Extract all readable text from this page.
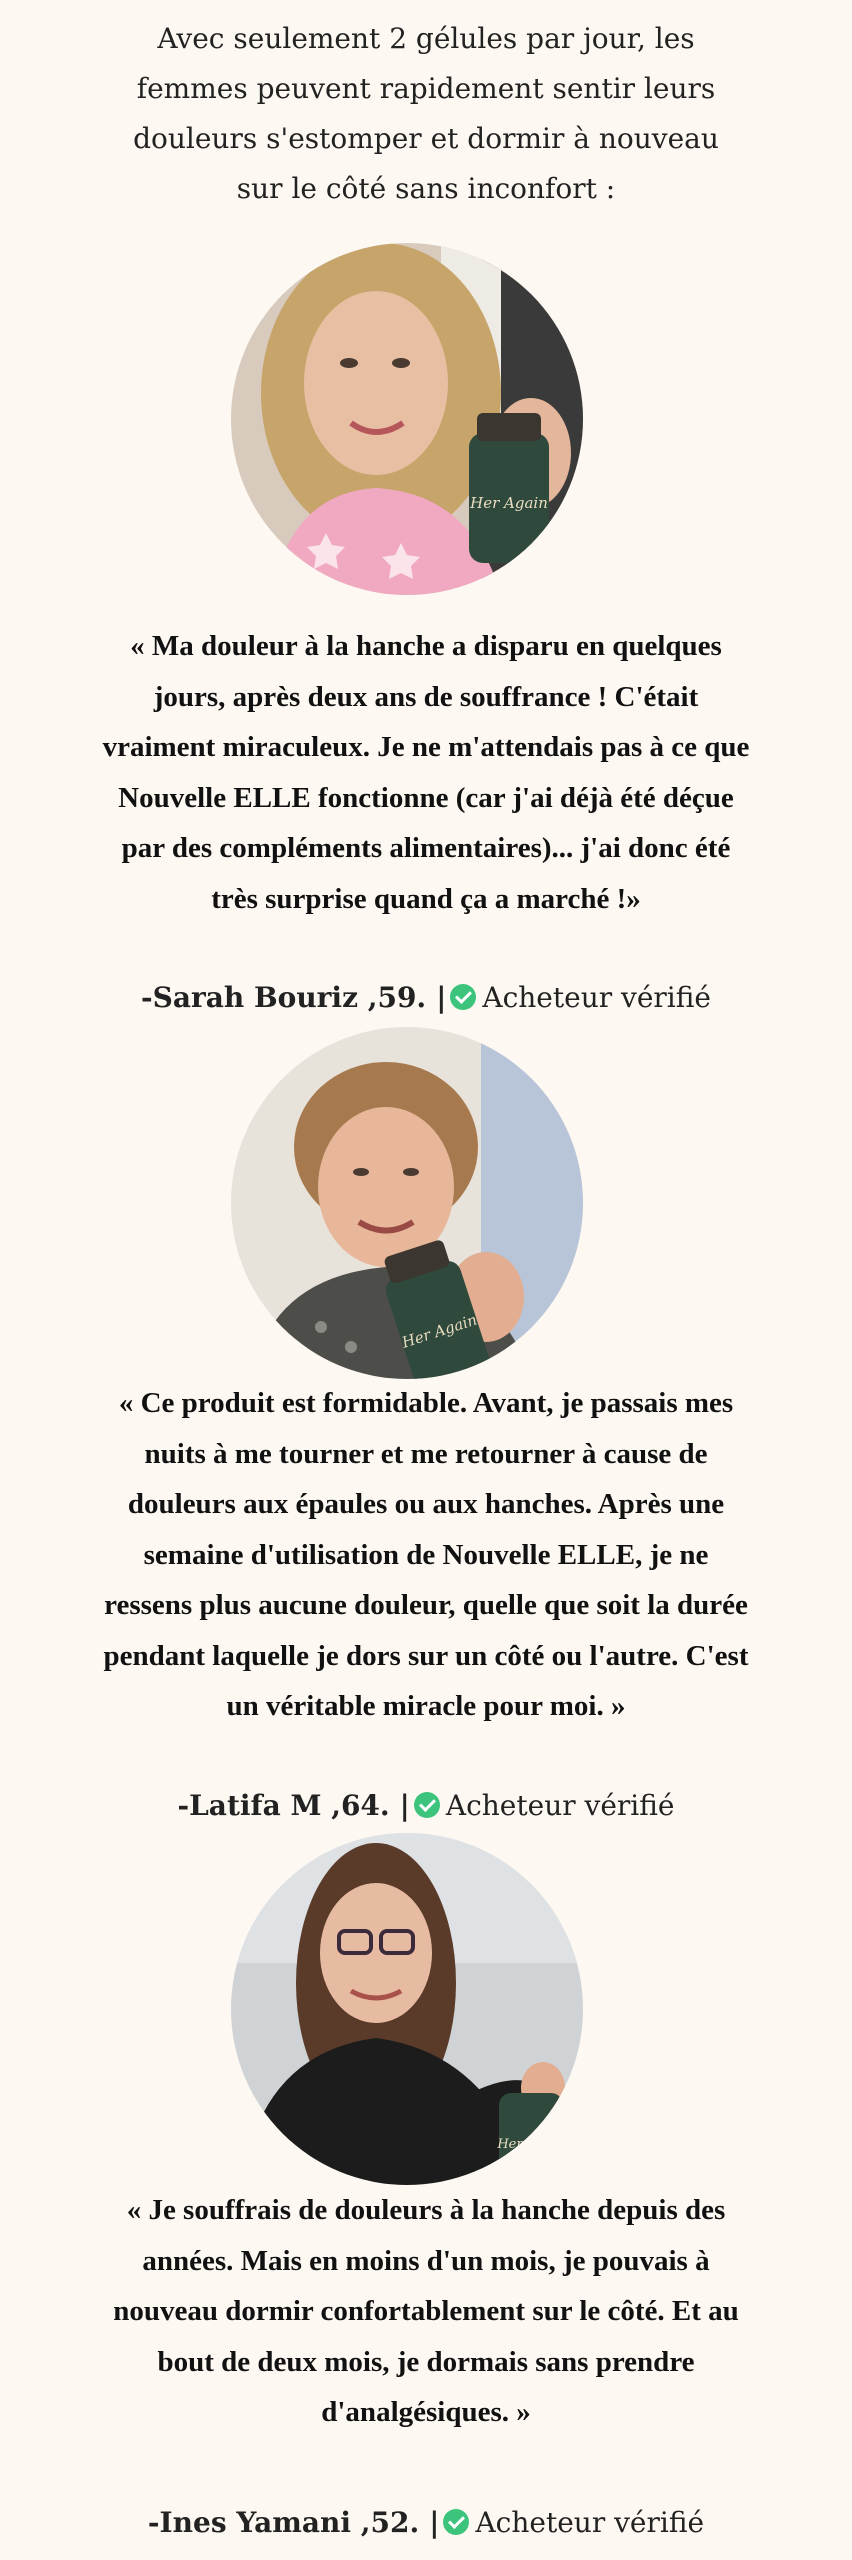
Avec seulement 2 gélules par jour, les femmes peuvent rapidement sentir leurs douleurs s'estomper et dormir à nouveau sur le côté sans inconfort :
Her Again
« Ma douleur à la hanche a disparu en quelques jours, après deux ans de souffrance ! C'était vraiment miraculeux. Je ne m'attendais pas à ce que Nouvelle ELLE fonctionne (car j'ai déjà été déçue par des compléments alimentaires)... j'ai donc été très surprise quand ça a marché !»
-Sarah Bouriz ,59. | Acheteur vérifié
Her Again
« Ce produit est formidable. Avant, je passais mes nuits à me tourner et me retourner à cause de douleurs aux épaules ou aux hanches. Après une semaine d'utilisation de Nouvelle ELLE, je ne ressens plus aucune douleur, quelle que soit la durée pendant laquelle je dors sur un côté ou l'autre. C'est un véritable miracle pour moi. »
-Latifa M ,64. | Acheteur vérifié
Her Again
« Je souffrais de douleurs à la hanche depuis des années. Mais en moins d'un mois, je pouvais à nouveau dormir confortablement sur le côté. Et au bout de deux mois, je dormais sans prendre d'analgésiques. »
-Ines Yamani ,52. | Acheteur vérifié
